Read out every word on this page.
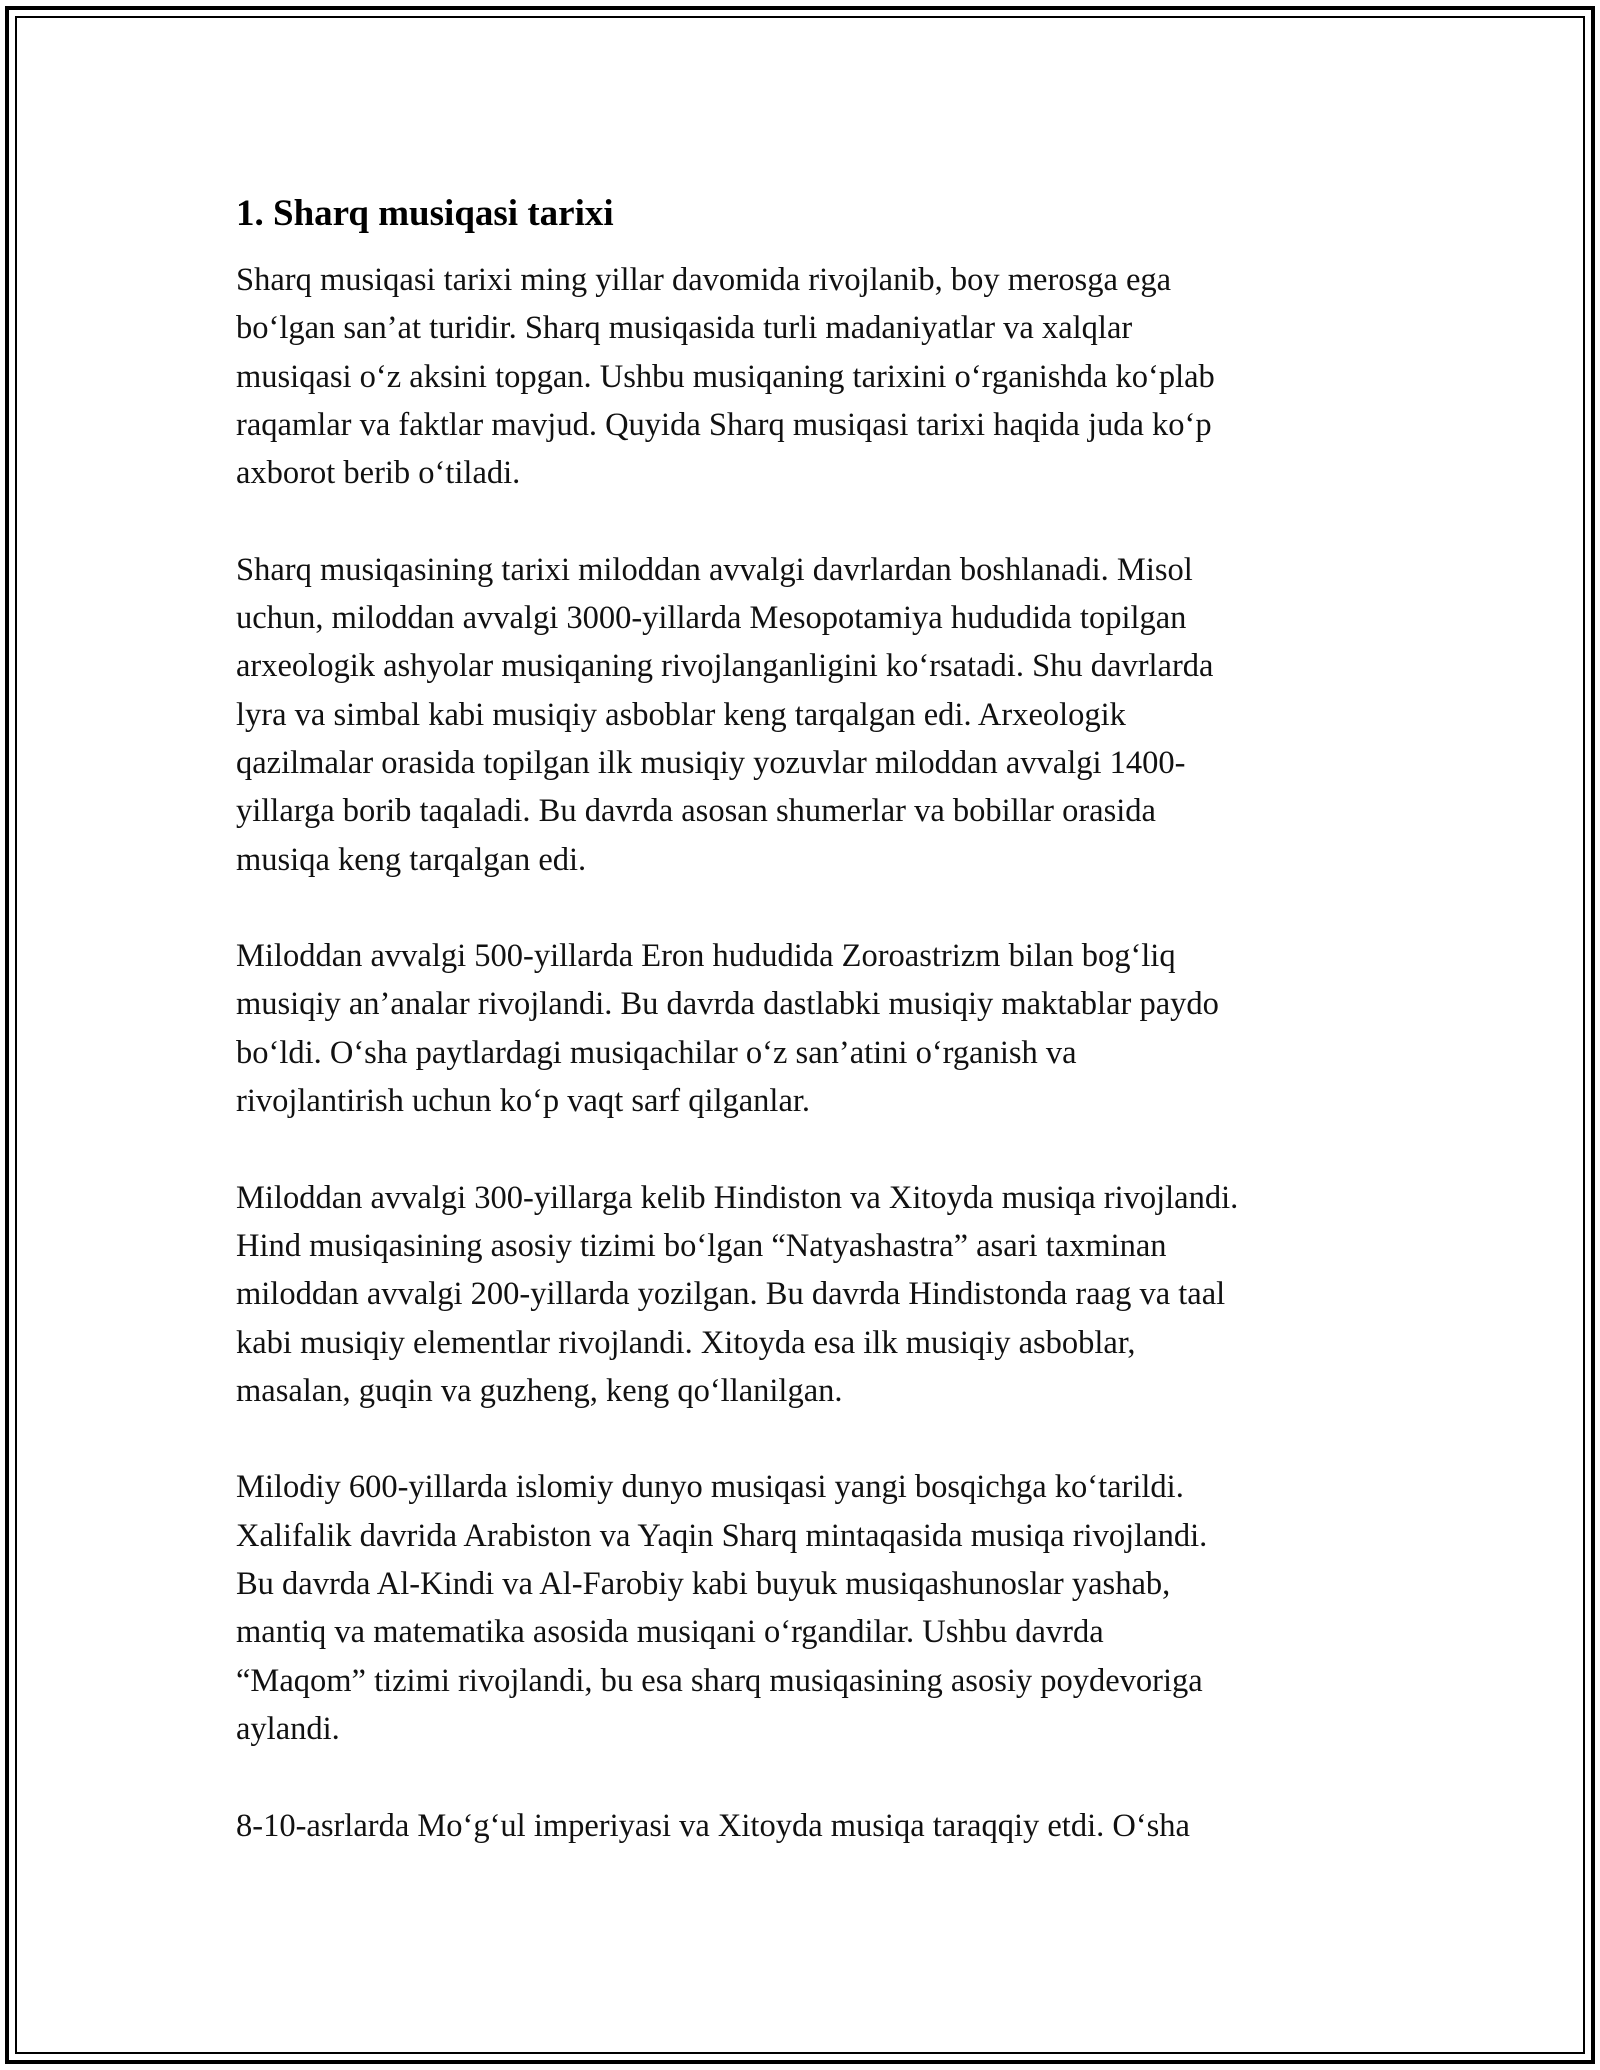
1. Sharq musiqasi tarixi

Sharq musiqasi tarixi ming yillar davomida rivojlanib, boy merosga ega
bo‘lgan san’at turidir. Sharq musiqasida turli madaniyatlar va xalqlar
musiqasi o‘z aksini topgan. Ushbu musiqaning tarixini o‘rganishda ko‘plab
raqamlar va faktlar mavjud. Quyida Sharq musiqasi tarixi haqida juda ko‘p
axborot berib o‘tiladi.

Sharq musiqasining tarixi miloddan avvalgi davrlardan boshlanadi. Misol
uchun, miloddan avvalgi 3000-yillarda Mesopotamiya hududida topilgan
arxeologik ashyolar musiqaning rivojlanganligini ko‘rsatadi. Shu davrlarda
lyra va simbal kabi musiqiy asboblar keng tarqalgan edi. Arxeologik
qazilmalar orasida topilgan ilk musiqiy yozuvlar miloddan avvalgi 1400-
yillarga borib taqaladi. Bu davrda asosan shumerlar va bobillar orasida
musiqa keng tarqalgan edi.

Miloddan avvalgi 500-yillarda Eron hududida Zoroastrizm bilan bog‘liq
musiqiy an’analar rivojlandi. Bu davrda dastlabki musiqiy maktablar paydo
bo‘ldi. O‘sha paytlardagi musiqachilar o‘z san’atini o‘rganish va
rivojlantirish uchun ko‘p vaqt sarf qilganlar.

Miloddan avvalgi 300-yillarga kelib Hindiston va Xitoyda musiqa rivojlandi.
Hind musiqasining asosiy tizimi bo‘lgan “Natyashastra” asari taxminan
miloddan avvalgi 200-yillarda yozilgan. Bu davrda Hindistonda raag va taal
kabi musiqiy elementlar rivojlandi. Xitoyda esa ilk musiqiy asboblar,
masalan, guqin va guzheng, keng qo‘llanilgan.

Milodiy 600-yillarda islomiy dunyo musiqasi yangi bosqichga ko‘tarildi.
Xalifalik davrida Arabiston va Yaqin Sharq mintaqasida musiqa rivojlandi.
Bu davrda Al-Kindi va Al-Farobiy kabi buyuk musiqashunoslar yashab,
mantiq va matematika asosida musiqani o‘rgandilar. Ushbu davrda
“Maqom” tizimi rivojlandi, bu esa sharq musiqasining asosiy poydevoriga
aylandi.

8-10-asrlarda Mo‘g‘ul imperiyasi va Xitoyda musiqa taraqqiy etdi. O‘sha
